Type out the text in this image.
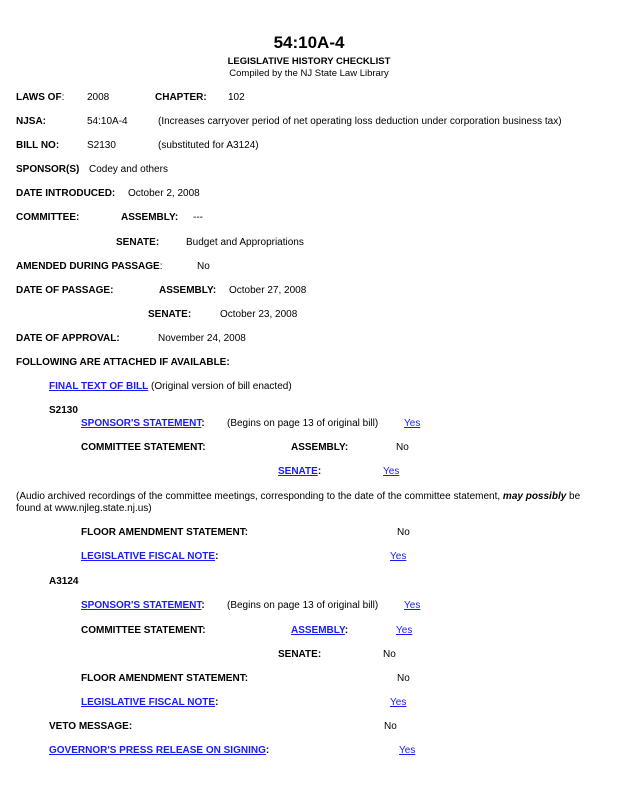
54:10A-4
LEGISLATIVE HISTORY CHECKLIST
Compiled by the NJ State Law Library
LAWS OF: 2008	CHAPTER: 102
NJSA:	54:10A-4	(Increases carryover period of net operating loss deduction under corporation business tax)
BILL NO:	S2130	(substituted for A3124)
SPONSOR(S) Codey and others
DATE INTRODUCED: October 2, 2008
COMMITTEE:	ASSEMBLY: ---
SENATE:	Budget and Appropriations
AMENDED DURING PASSAGE:	No
DATE OF PASSAGE:	ASSEMBLY: October 27, 2008
SENATE:	October 23, 2008
DATE OF APPROVAL:	November 24, 2008
FOLLOWING ARE ATTACHED IF AVAILABLE:
FINAL TEXT OF BILL (Original version of bill enacted)
S2130
SPONSOR'S STATEMENT: (Begins on page 13 of original bill)	Yes
COMMITTEE STATEMENT:	ASSEMBLY:	No
SENATE:	Yes
(Audio archived recordings of the committee meetings, corresponding to the date of the committee statement, may possibly be found at www.njleg.state.nj.us)
FLOOR AMENDMENT STATEMENT:	No
LEGISLATIVE FISCAL NOTE:	Yes
A3124
SPONSOR'S STATEMENT: (Begins on page 13 of original bill)	Yes
COMMITTEE STATEMENT:	ASSEMBLY:	Yes
SENATE:	No
FLOOR AMENDMENT STATEMENT:	No
LEGISLATIVE FISCAL NOTE:	Yes
VETO MESSAGE:	No
GOVERNOR'S PRESS RELEASE ON SIGNING:	Yes
